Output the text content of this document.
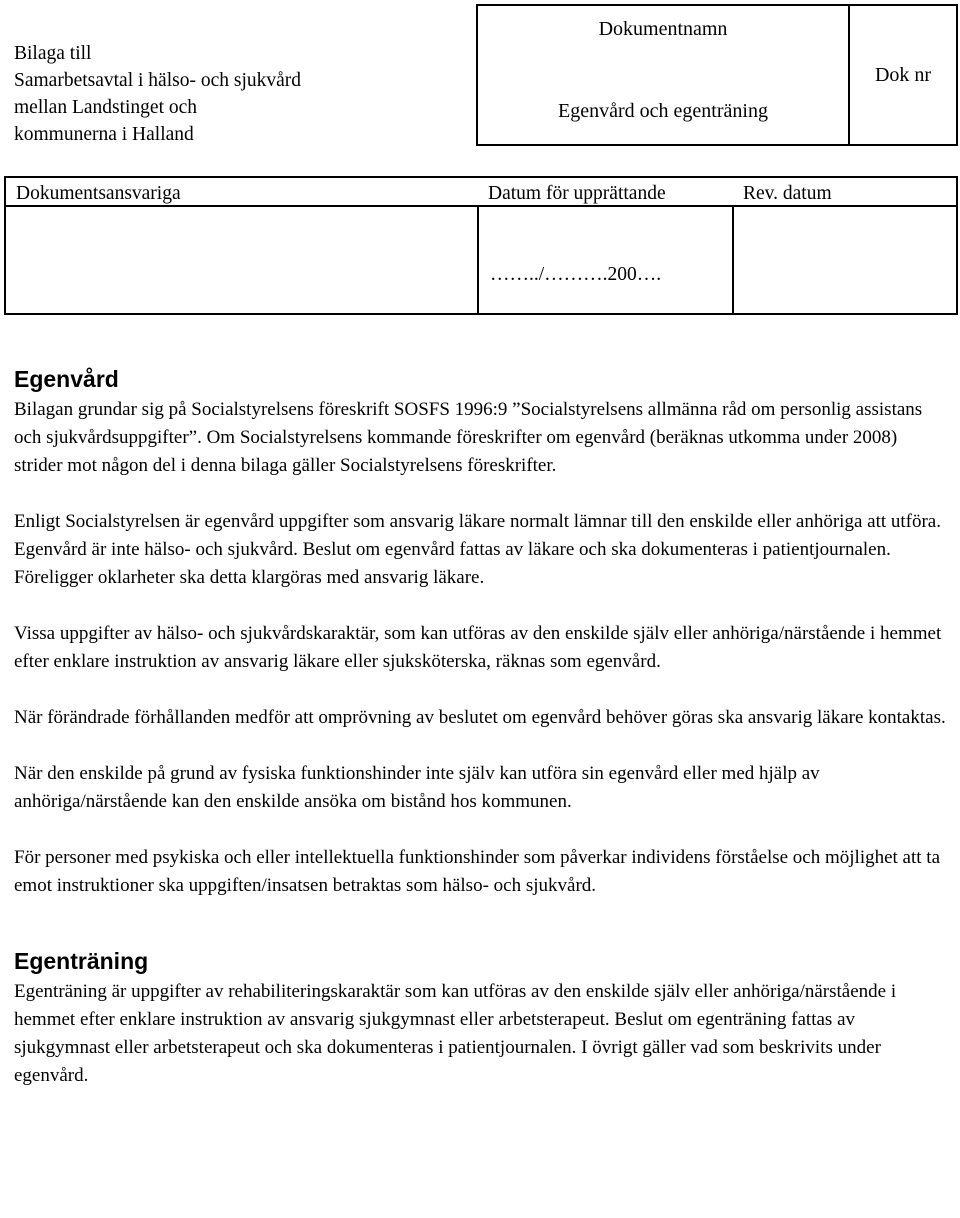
Bilaga till
Samarbetsavtal i hälso- och sjukvård
mellan Landstinget och
kommunerna i Halland
Dokumentnamn
Egenvård och egenträning
Dok nr
Dokumentsansvariga	Datum för upprättande	Rev. datum
……../……….200….
Egenvård

Bilagan grundar sig på Socialstyrelsens föreskrift SOSFS 1996:9 ”Socialstyrelsens allmänna råd om personlig assistans och sjukvårdsuppgifter”. Om Socialstyrelsens kommande föreskrifter om egenvård (beräknas utkomma under 2008) strider mot någon del i denna bilaga gäller Socialstyrelsens föreskrifter.

Enligt Socialstyrelsen är egenvård uppgifter som ansvarig läkare normalt lämnar till den enskilde eller anhöriga att utföra. Egenvård är inte hälso- och sjukvård. Beslut om egenvård fattas av läkare och ska dokumenteras i patientjournalen. Föreligger oklarheter ska detta klargöras med ansvarig läkare.

Vissa uppgifter av hälso- och sjukvårdskaraktär, som kan utföras av den enskilde själv eller anhöriga/närstående i hemmet efter enklare instruktion av ansvarig läkare eller sjuksköterska, räknas som egenvård.

När förändrade förhållanden medför att omprövning av beslutet om egenvård behöver göras ska ansvarig läkare kontaktas.

När den enskilde på grund av fysiska funktionshinder inte själv kan utföra sin egenvård eller med hjälp av anhöriga/närstående kan den enskilde ansöka om bistånd hos kommunen.

För personer med psykiska och eller intellektuella funktionshinder som påverkar individens förståelse och möjlighet att ta emot instruktioner ska uppgiften/insatsen betraktas som hälso- och sjukvård.

Egenträning

Egenträning är uppgifter av rehabiliteringskaraktär som kan utföras av den enskilde själv eller anhöriga/närstående i hemmet efter enklare instruktion av ansvarig sjukgymnast eller arbetsterapeut. Beslut om egenträning fattas av sjukgymnast eller arbetsterapeut och ska dokumenteras i patientjournalen. I övrigt gäller vad som beskrivits under egenvård.
